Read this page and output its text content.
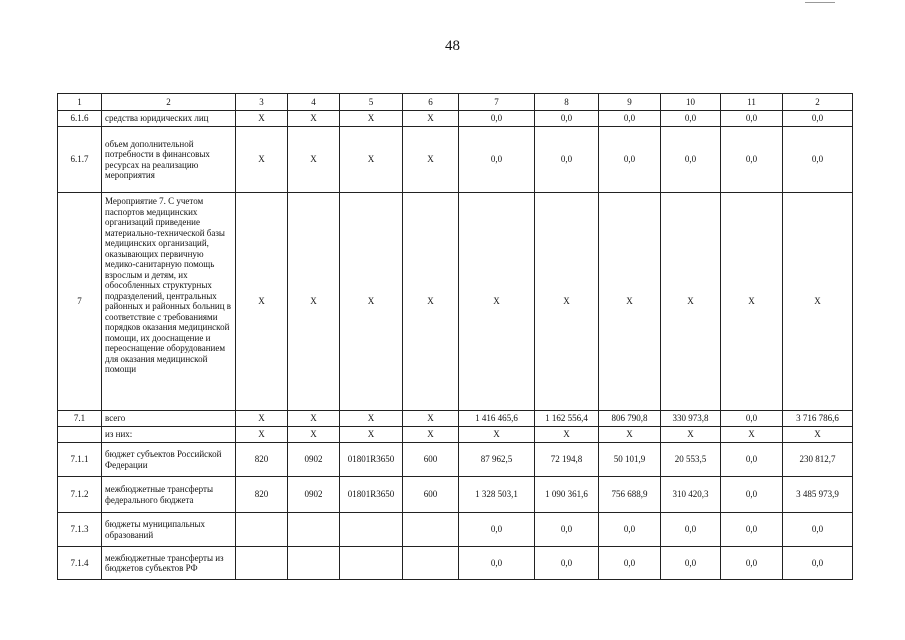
48
1	2	3	4	5	6	7	8	9	10	11	2
6.1.6	средства юридических лиц	X	X	X	X	0,0	0,0	0,0	0,0	0,0	0,0
6.1.7	объем дополнительной потребности в финансовых ресурсах на реализацию мероприятия	X	X	X	X	0,0	0,0	0,0	0,0	0,0	0,0
7	Мероприятие 7. С учетом паспортов медицинских организаций приведение материально-технической базы медицинских организаций, оказывающих первичную медико-санитарную помощь взрослым и детям, их обособленных структурных подразделений, центральных районных и районных больниц в соответствие с требованиями порядков оказания медицинской помощи, их дооснащение и переоснащение оборудованием для оказания медицинской помощи	X	X	X	X	X	X	X	X	X	X
7.1	всего	X	X	X	X	1 416 465,6	1 162 556,4	806 790,8	330 973,8	0,0	3 716 786,6
	из них:	X	X	X	X	X	X	X	X	X	X
7.1.1	бюджет субъектов Российской Федерации	820	0902	01801R3650	600	87 962,5	72 194,8	50 101,9	20 553,5	0,0	230 812,7
7.1.2	межбюджетные трансферты федерального бюджета	820	0902	01801R3650	600	1 328 503,1	1 090 361,6	756 688,9	310 420,3	0,0	3 485 973,9
7.1.3	бюджеты муниципальных образований					0,0	0,0	0,0	0,0	0,0	0,0
7.1.4	межбюджетные трансферты из бюджетов субъектов РФ					0,0	0,0	0,0	0,0	0,0	0,0
